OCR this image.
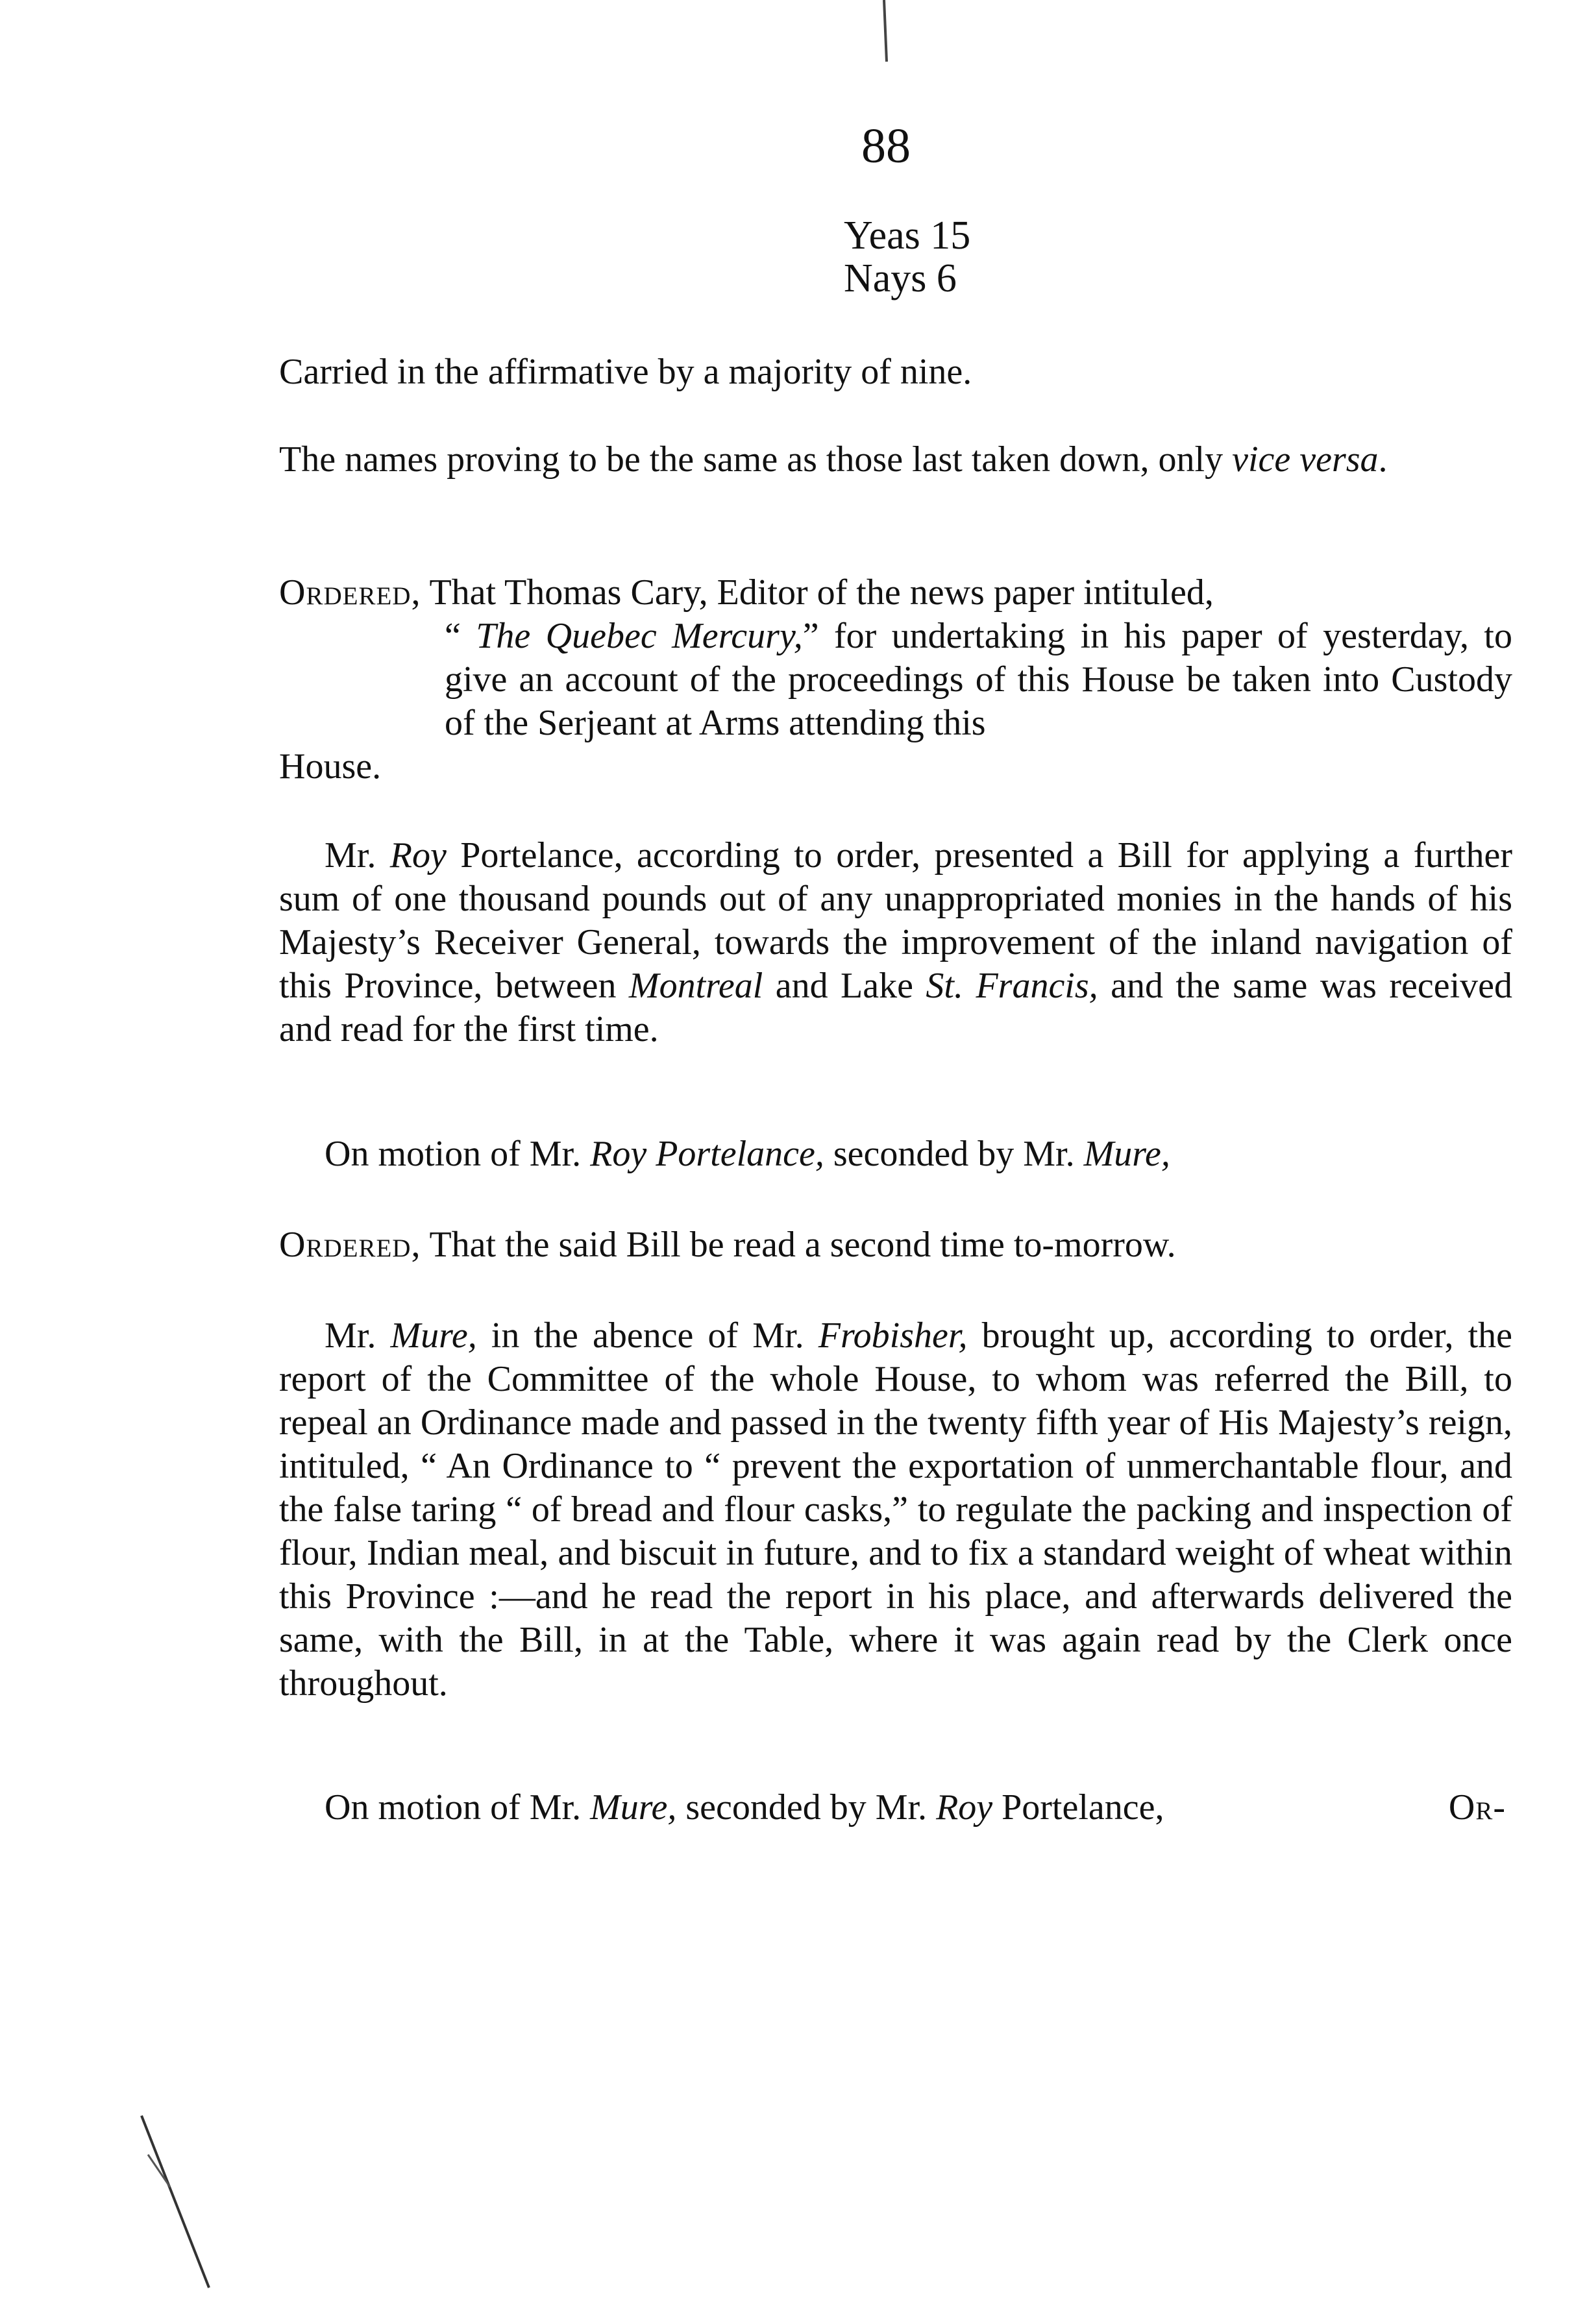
88
Yeas 15
Nays 6
Carried in the affirmative by a majority of nine.
The names proving to be the same as those last taken down, only vice versa.
Ordered, That Thomas Cary, Editor of the news paper intituled,
“ The Quebec Mercury,” for undertaking in his paper of yesterday, to give an account of the proceedings of this House be taken into Custody of the Serjeant at Arms attending this
House.
Mr. Roy Portelance, according to order, presented a Bill for applying a further sum of one thousand pounds out of any unappropriated monies in the hands of his Majesty’s Receiver General, towards the improvement of the inland navigation of this Province, between Montreal and Lake St. Francis, and the same was received and read for the first time.
On motion of Mr. Roy Portelance, seconded by Mr. Mure,
Ordered, That the said Bill be read a second time to-morrow.
Mr. Mure, in the abence of Mr. Frobisher, brought up, according to order, the report of the Committee of the whole House, to whom was referred the Bill, to repeal an Ordinance made and passed in the twenty fifth year of His Majesty’s reign, intituled, “ An Ordinance to “ prevent the exportation of unmerchantable flour, and the false taring “ of bread and flour casks,” to regulate the packing and inspection of flour, Indian meal, and biscuit in future, and to fix a standard weight of wheat within this Province :—and he read the report in his place, and afterwards delivered the same, with the Bill, in at the Table, where it was again read by the Clerk once throughout.
On motion of Mr. Mure, seconded by Mr. Roy Portelance,	Or-
